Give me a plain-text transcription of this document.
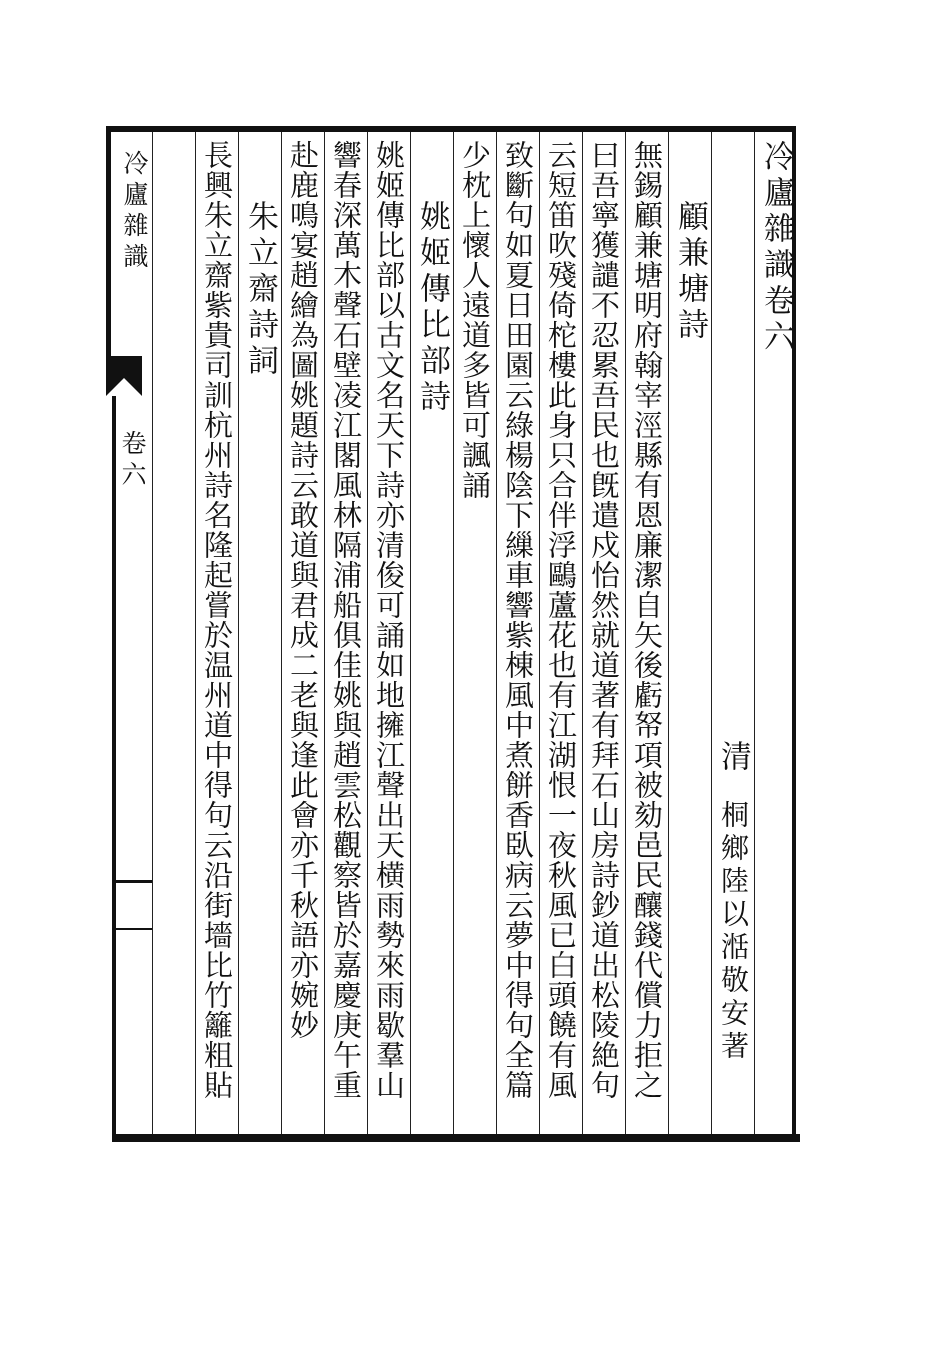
冷廬雜識卷六
清
桐鄉陸以湉敬安著
顧兼塘詩
無錫顧兼塘明府翰宰涇縣有恩廉潔自矢後虧帑項被劾邑民釀錢代償力拒之
曰吾寧獲譴不忍累吾民也旣遣戍怡然就道著有拜石山房詩鈔道出松陵絶句
云短笛吹殘倚柁樓此身只合伴浮鷗蘆花也有江湖恨一夜秋風已白頭饒有風
致斷句如夏日田園云綠楊陰下繅車響紫棟風中煮餅香臥病云夢中得句全篇
少枕上懷人遠道多皆可諷誦
姚姬傳比部詩
姚姬傳比部以古文名天下詩亦清俊可誦如地擁江聲出天横雨勢來雨歇羣山
響春深萬木聲石壁凌江閣風林隔浦船俱佳姚與趙雲松觀察皆於嘉慶庚午重
赴鹿鳴宴趙繪為圖姚題詩云敢道與君成二老與逢此會亦千秋語亦婉妙
朱立齋詩詞
長興朱立齋紫貴司訓杭州詩名隆起嘗於温州道中得句云沿街墻比竹籬粗貼
冷廬雜識
卷六
